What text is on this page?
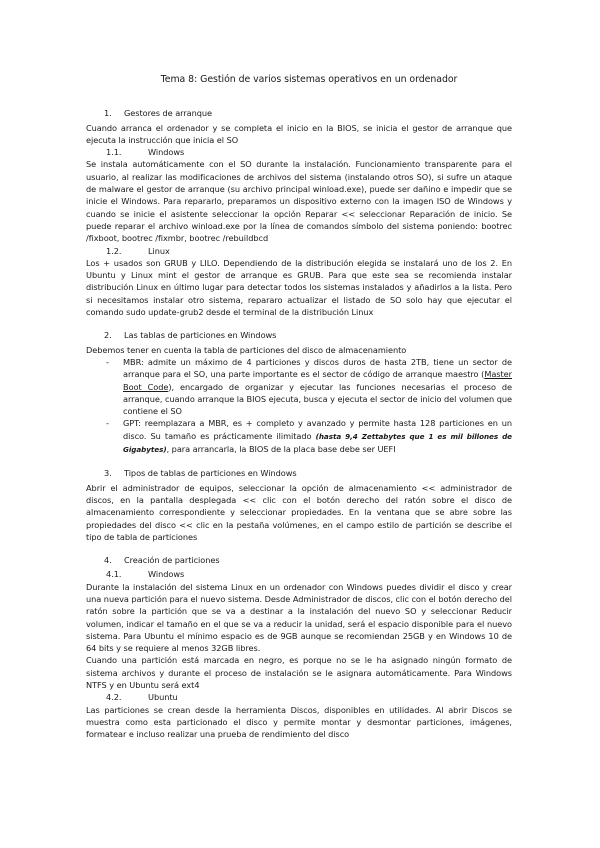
Tema 8: Gestión de varios sistemas operativos en un ordenador
1. Gestores de arranque

Cuando arranca el ordenador y se completa el inicio en la BIOS, se inicia el gestor de arranque que ejecuta la instrucción que inicia el SO

1.1.	Windows

Se instala automáticamente con el SO durante la instalación. Funcionamiento transparente para el usuario, al realizar las modificaciones de archivos del sistema (instalando otros SO), si sufre un ataque de malware el gestor de arranque (su archivo principal winload.exe), puede ser dañino e impedir que se inicie el Windows. Para repararlo, preparamos un dispositivo externo con la imagen ISO de Windows y cuando se inicie el asistente seleccionar la opción Reparar << seleccionar Reparación de inicio. Se puede reparar el archivo winload.exe por la línea de comandos símbolo del sistema poniendo: bootrec /fixboot, bootrec /fixmbr, bootrec /rebuildbcd

1.2.	Linux

Los + usados son GRUB y LILO. Dependiendo de la distribución elegida se instalará uno de los 2. En Ubuntu y Linux mint el gestor de arranque es GRUB. Para que este sea se recomienda instalar distribución Linux en último lugar para detectar todos los sistemas instalados y añadirlos a la lista. Pero si necesitamos instalar otro sistema, repararo actualizar el listado de SO solo hay que ejecutar el comando sudo update-grub2 desde el terminal de la distribución Linux

2. Las tablas de particiones en Windows

Debemos tener en cuenta la tabla de particiones del disco de almacenamiento

- MBR: admite un máximo de 4 particiones y discos duros de hasta 2TB, tiene un sector de arranque para el SO, una parte importante es el sector de código de arranque maestro (Master Boot Code), encargado de organizar y ejecutar las funciones necesarias el proceso de arranque, cuando arranque la BIOS ejecuta, busca y ejecuta el sector de inicio del volumen que contiene el SO
- GPT: reemplazara a MBR, es + completo y avanzado y permite hasta 128 particiones en un disco. Su tamaño es prácticamente ilimitado (hasta 9,4 Zettabytes que 1 es mil billones de Gigabytes), para arrancarla, la BIOS de la placa base debe ser UEFI
3. Tipos de tablas de particiones en Windows

Abrir el administrador de equipos, seleccionar la opción de almacenamiento << administrador de discos, en la pantalla desplegada << clic con el botón derecho del ratón sobre el disco de almacenamiento correspondiente y seleccionar propiedades. En la ventana que se abre sobre las propiedades del disco << clic en la pestaña volúmenes, en el campo estilo de partición se describe el tipo de tabla de particiones

4. Creación de particiones
4.1.	Windows

Durante la instalación del sistema Linux en un ordenador con Windows puedes dividir el disco y crear una nueva partición para el nuevo sistema. Desde Administrador de discos, clic con el botón derecho del ratón sobre la partición que se va a destinar a la instalación del nuevo SO y seleccionar Reducir volumen, indicar el tamaño en el que se va a reducir la unidad, será el espacio disponible para el nuevo sistema. Para Ubuntu el mínimo espacio es de 9GB aunque se recomiendan 25GB y en Windows 10 de 64 bits y se requiere al menos 32GB libres.

Cuando una partición está marcada en negro, es porque no se le ha asignado ningún formato de sistema archivos y durante el proceso de instalación se le asignara automáticamente. Para Windows NTFS y en Ubuntu será ext4

4.2.	Ubuntu

Las particiones se crean desde la herramienta Discos, disponibles en utilidades. Al abrir Discos se muestra como esta particionado el disco y permite montar y desmontar particiones, imágenes, formatear e incluso realizar una prueba de rendimiento del disco
